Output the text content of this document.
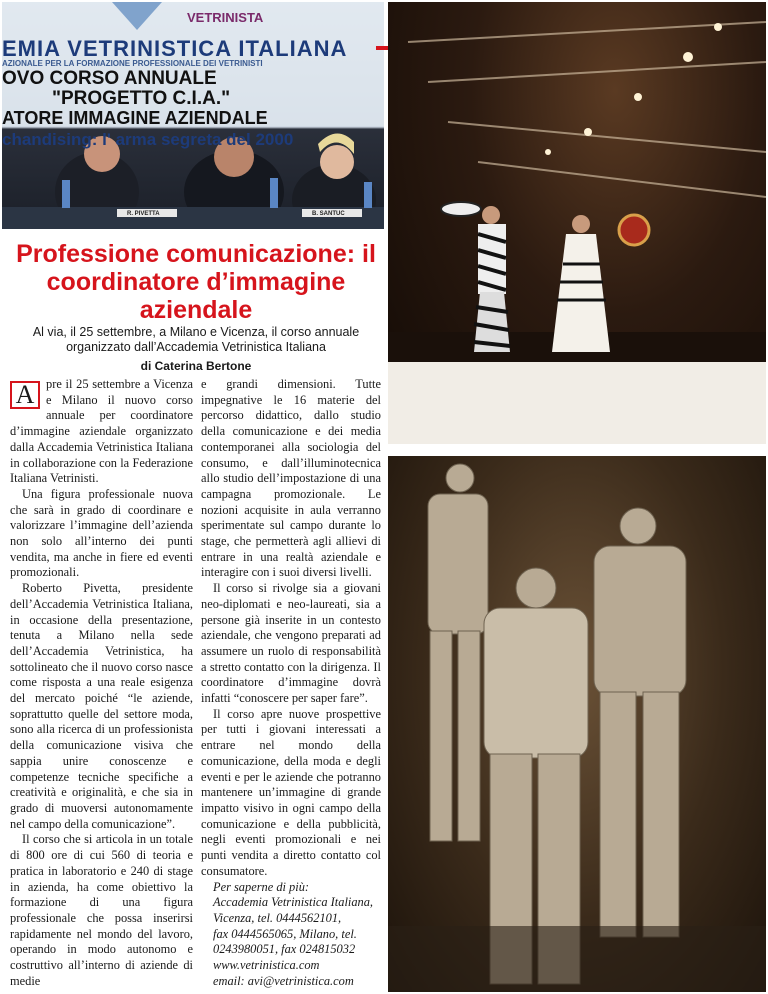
VETRINISTA
EMIA VETRINISTICA ITALIANA
AZIONALE PER LA FORMAZIONE PROFESSIONALE DEI VETRINISTI
OVO CORSO ANNUALE
"PROGETTO C.I.A."
ATORE IMMAGINE AZIENDALE
chandising: l' arma segreta del 2000
R. PIVETTA	B. SANTUC
Professione comunicazione: il coordinatore d’immagine aziendale

Al via, il 25 settembre, a Milano e Vicenza, il corso annuale organizzato dall’Accademia Vetrinistica Italiana

di Caterina Bertone

A pre il 25 settembre a Vicenza e Milano il nuovo corso annuale per coordinatore d’immagine aziendale organizzato dalla Accademia Vetrinistica Italiana in collaborazione con la Federazione Italiana Vetrinisti.

Una figura professionale nuova che sarà in grado di coordinare e valorizzare l’immagine dell’azienda non solo all’interno dei punti vendita, ma anche in fiere ed eventi promozionali.

Roberto Pivetta, presidente dell’Accademia Vetrinistica Italiana, in occasione della presentazione, tenuta a Milano nella sede dell’Accademia Vetrinistica, ha sottolineato che il nuovo corso nasce come risposta a una reale esigenza del mercato poiché “le aziende, soprattutto quelle del settore moda, sono alla ricerca di un professionista della comunicazione visiva che sappia unire conoscenze e competenze tecniche specifiche a creatività e originalità, e che sia in grado di muoversi autonomamente nel campo della comunicazione”.

Il corso che si articola in un totale di 800 ore di cui 560 di teoria e pratica in laboratorio e 240 di stage in azienda, ha come obiettivo la formazione di una figura professionale che possa inserirsi rapidamente nel mondo del lavoro, operando in modo autonomo e costruttivo all’interno di aziende di medie

e grandi dimensioni. Tutte impegnative le 16 materie del percorso didattico, dallo studio della comunicazione e dei media contemporanei alla sociologia del consumo, e dall’illuminotecnica allo studio dell’impostazione di una campagna promozionale. Le nozioni acquisite in aula verranno sperimentate sul campo durante lo stage, che permetterà agli allievi di entrare in una realtà aziendale e interagire con i suoi diversi livelli.

Il corso si rivolge sia a giovani neo-diplomati e neo-laureati, sia a persone già inserite in un contesto aziendale, che vengono preparati ad assumere un ruolo di responsabilità a stretto contatto con la dirigenza. Il coordinatore d’immagine dovrà infatti “conoscere per saper fare”.

Il corso apre nuove prospettive per tutti i giovani interessati a entrare nel mondo della comunicazione, della moda e degli eventi e per le aziende che potranno mantenere un’immagine di grande impatto visivo in ogni campo della comunicazione e della pubblicità, negli eventi promozionali e nei punti vendita a diretto contatto col consumatore.

Per saperne di più:
Accademia Vetrinistica Italiana,
Vicenza, tel. 0444562101,
fax 0444565065, Milano, tel.
0243980051, fax 024815032
www.vetrinistica.com
email: avi@vetrinistica.com
